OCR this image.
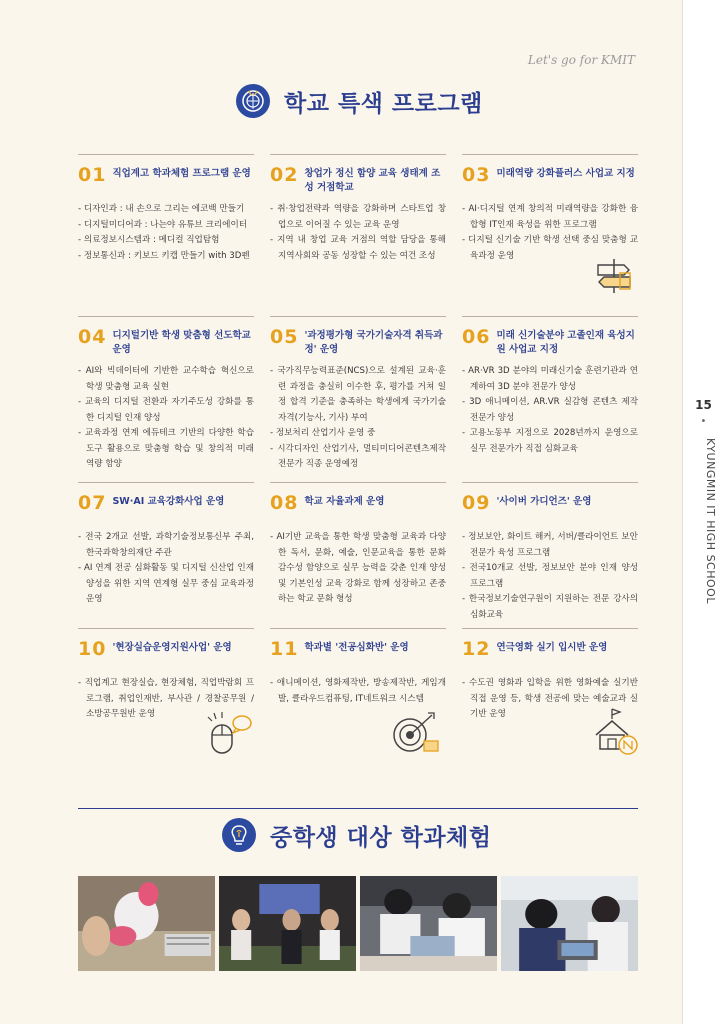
15
•
KYUNGMIN IT HIGH SCHOOL
Let's go for KMIT
학교 특색 프로그램
01 직업계고 학과체험 프로그램 운영
- 디자인과 : 내 손으로 그리는 에코백 만들기
- 디지털미디어과 : 나는야 유튜브 크리에이터
- 의료정보시스템과 : 메디컬 직업탐험
- 정보통신과 : 키보드 키캡 만들기 with 3D펜
02 창업가 정신 함양 교육 생태계 조성 거점학교
- 취·창업전략과 역량을 강화하며 스타트업 창업으로 이어질 수 있는 교육 운영
- 지역 내 창업 교육 거점의 역할 담당을 통해 지역사회와 공동 성장할 수 있는 여건 조성
03 미래역량 강화플러스 사업교 지정
- AI·디지털 연계 창의적 미래역량을 강화한 융합형 IT인재 육성을 위한 프로그램
- 디지털 신기술 기반 학생 선택 중심 맞춤형 교육과정 운영
04 디지털기반 학생 맞춤형 선도학교 운영
- AI와 빅데이터에 기반한 교수학습 혁신으로 학생 맞춤형 교육 실현
- 교육의 디지털 전환과 자기주도성 강화를 통한 디지털 인재 양성
- 교육과정 연계 에듀테크 기반의 다양한 학습 도구 활용으로 맞춤형 학습 및 창의적 미래 역량 함양
05 '과정평가형 국가기술자격 취득과정' 운영
- 국가직무능력표준(NCS)으로 설계된 교육·훈련 과정을 충실히 이수한 후, 평가를 거쳐 일정 합격 기준을 충족하는 학생에게 국가기술자격(기능사, 기사) 부여
- 정보처리 산업기사 운영 중
- 시각디자인 산업기사, 멀티미디어콘텐츠제작 전문가 직종 운영예정
06 미래 신기술분야 고졸인재 육성지원 사업교 지정
- AR·VR 3D 분야의 미래신기술 훈련기관과 연계하여 3D 분야 전문가 양성
- 3D 애니메이션, AR.VR 실감형 콘텐츠 제작 전문가 양성
- 고용노동부 지정으로 2028년까지 운영으로 실무 전문가가 직접 심화교육
07 SW·AI 교육강화사업 운영
- 전국 2개교 선발, 과학기술정보통신부 주최, 한국과학창의재단 주관
- AI 연계 전공 심화활동 및 디지털 신산업 인재 양성을 위한 지역 연계형 실무 중심 교육과정 운영
08 학교 자율과제 운영
- AI기반 교육을 통한 학생 맞춤형 교육과 다양한 독서, 문화, 예술, 인문교육을 통한 문화 감수성 함양으로 실무 능력을 갖춘 인재 양성 및 기본인성 교육 강화로 함께 성장하고 존중하는 학교 문화 형성
09 '사이버 가디언즈' 운영
- 정보보안, 화이트 해커, 서버/클라이언트 보안 전문가 육성 프로그램
- 전국10개교 선발, 정보보안 분야 인재 양성 프로그램
- 한국정보기술연구원이 지원하는 전문 강사의 심화교육
10 '현장실습운영지원사업' 운영
- 직업계고 현장실습, 현장체험, 직업박람회 프로그램, 취업인재반, 부사관 / 경찰공무원 / 소방공무원반 운영
11 학과별 '전공심화반' 운영
- 애니메이션, 영화제작반, 방송제작반, 게임개발, 클라우드컴퓨팅, IT네트워크 시스템
12 연극영화 실기 입시반 운영
- 수도권 영화과 입학을 위한 영화예술 실기반 직접 운영 등, 학생 전공에 맞는 예술교과 실기반 운영
중학생 대상 학과체험
